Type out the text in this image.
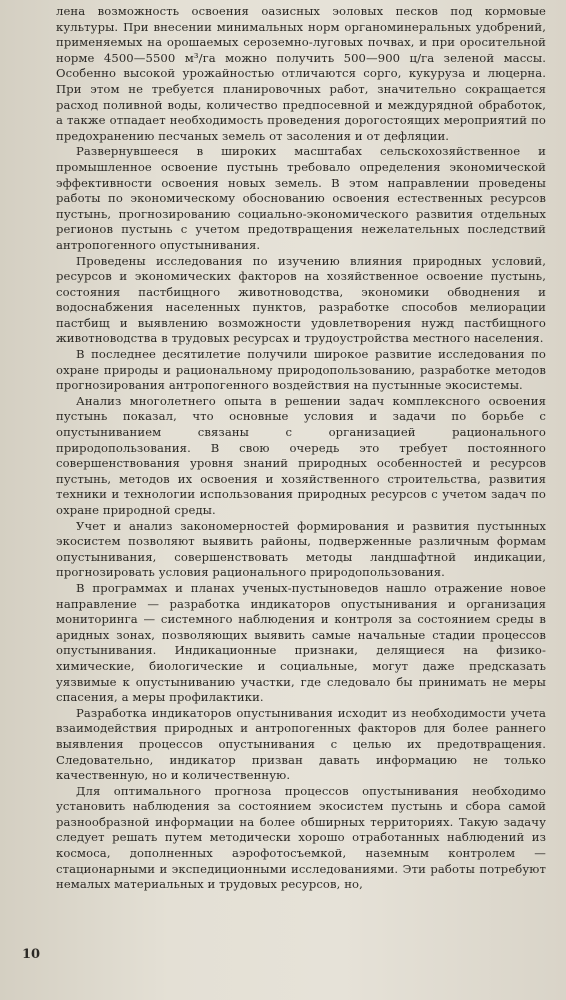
лена возможность освоения оазисных эоловых песков под кормовые культуры. При внесении минимальных норм органоминеральных удобрений, применяемых на орошаемых сероземно-луговых почвах, и при оросительной норме 4500—5500 м³/га можно получить 500—900 ц/га зеленой массы. Особенно высокой урожайностью отличаются сорго, кукуруза и люцерна. При этом не требуется планировочных работ, значительно сокращается расход поливной воды, количество предпосевной и междурядной обработок, а также отпадает необходимость проведения дорогостоящих мероприятий по предохранению песчаных земель от засоления и от дефляции.

Развернувшееся в широких масштабах сельскохозяйственное и промышленное освоение пустынь требовало определения экономической эффективности освоения новых земель. В этом направлении проведены работы по экономическому обоснованию освоения естественных ресурсов пустынь, прогнозированию социально-экономического развития отдельных регионов пустынь с учетом предотвращения нежелательных последствий антропогенного опустынивания.

Проведены исследования по изучению влияния природных условий, ресурсов и экономических факторов на хозяйственное освоение пустынь, состояния пастбищного животноводства, экономики обводнения и водоснабжения населенных пунктов, разработке способов мелиорации пастбищ и выявлению возможности удовлетворения нужд пастбищного животноводства в трудовых ресурсах и трудоустройства местного населения.

В последнее десятилетие получили широкое развитие исследования по охране природы и рациональному природопользованию, разработке методов прогнозирования антропогенного воздействия на пустынные экосистемы.

Анализ многолетнего опыта в решении задач комплексного освоения пустынь показал, что основные условия и задачи по борьбе с опустыниванием связаны с организацией рационального природопользования. В свою очередь это требует постоянного совершенствования уровня знаний природных особенностей и ресурсов пустынь, методов их освоения и хозяйственного строительства, развития техники и технологии использования природных ресурсов с учетом задач по охране природной среды.

Учет и анализ закономерностей формирования и развития пустынных экосистем позволяют выявить районы, подверженные различным формам опустынивания, совершенствовать методы ландшафтной индикации, прогнозировать условия рационального природопользования.

В программах и планах ученых-пустыноведов нашло отражение новое направление — разработка индикаторов опустынивания и организация мониторинга — системного наблюдения и контроля за состоянием среды в аридных зонах, позволяющих выявить самые начальные стадии процессов опустынивания. Индикационные признаки, делящиеся на физико-химические, биологические и социальные, могут даже предсказать уязвимые к опустыниванию участки, где следовало бы принимать не меры спасения, а меры профилактики.

Разработка индикаторов опустынивания исходит из необходимости учета взаимодействия природных и антропогенных факторов для более раннего выявления процессов опустынивания с целью их предотвращения. Следовательно, индикатор призван давать информацию не только качественную, но и количественную.

Для оптимального прогноза процессов опустынивания необходимо установить наблюдения за состоянием экосистем пустынь и сбора самой разнообразной информации на более обширных территориях. Такую задачу следует решать путем методически хорошо отработанных наблюдений из космоса, дополненных аэрофотосъемкой, наземным контролем — стационарными и экспедиционными исследованиями. Эти работы потребуют немалых материальных и трудовых ресурсов, но,

10
